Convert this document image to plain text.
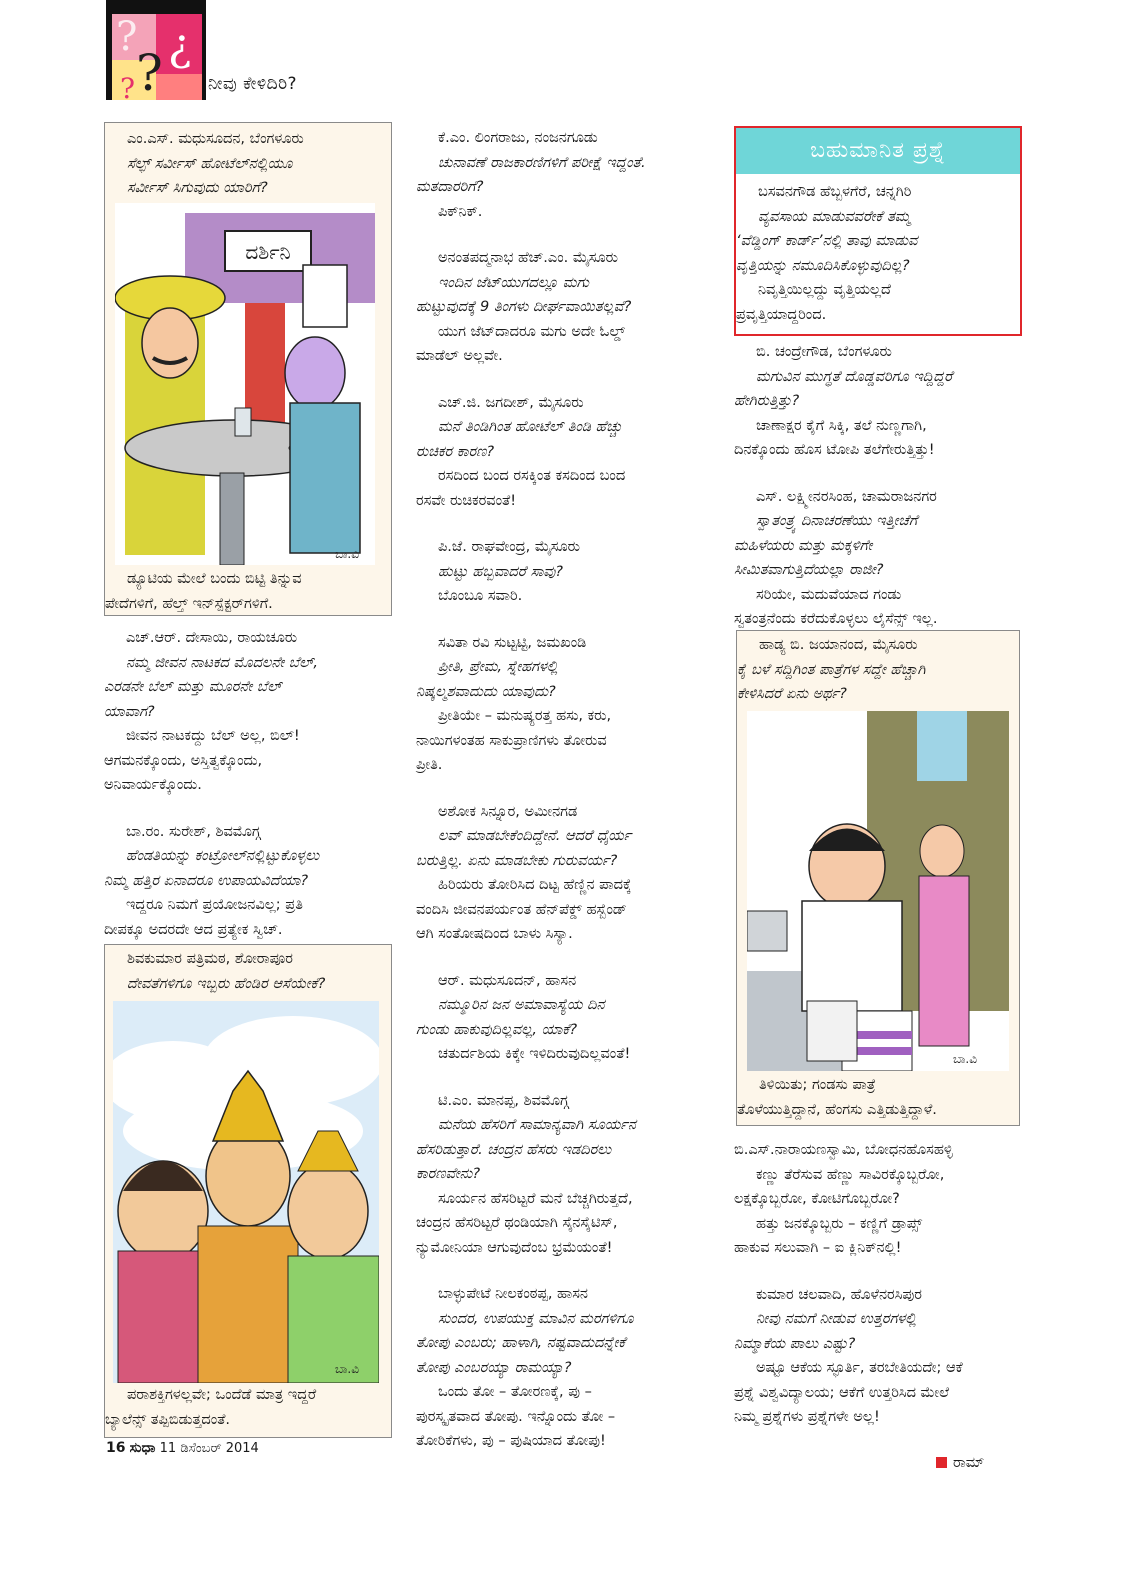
?
? ¿
?	ನೀವು ಕೇಳಿದಿರಿ?
ಎಂ.ಎಸ್. ಮಧುಸೂದನ, ಬೆಂಗಳೂರು
ಸೆಲ್ಫ್ ಸರ್ವೀಸ್ ಹೋಟೆಲ್‌ನಲ್ಲಿಯೂ
ಸರ್ವೀಸ್ ಸಿಗುವುದು ಯಾರಿಗೆ?
ದರ್ಶಿನಿ
ಬಾ.ವಿ
ಡ್ಯೂಟಿಯ ಮೇಲೆ ಬಂದು ಬಿಟ್ಟಿ ತಿನ್ನುವ
ಪೇದೆಗಳಿಗೆ, ಹೆಲ್ತ್ ಇನ್‌ಸ್ಪೆಕ್ಟರ್‌ಗಳಿಗೆ.
ಎಚ್.ಆರ್. ದೇಸಾಯಿ, ರಾಯಚೂರು
ನಮ್ಮ ಜೀವನ ನಾಟಕದ ಮೊದಲನೇ ಬೆಲ್,
ಎರಡನೇ ಬೆಲ್ ಮತ್ತು ಮೂರನೇ ಬೆಲ್
ಯಾವಾಗ?
ಜೀವನ ನಾಟಕದ್ದು ಬೆಲ್ ಅಲ್ಲ, ಬಿಲ್!
ಆಗಮನಕ್ಕೊಂದು, ಅಸ್ತಿತ್ವಕ್ಕೊಂದು,
ಅನಿವಾರ್ಯಕ್ಕೊಂದು.
ಬಾ.ರಂ. ಸುರೇಶ್, ಶಿವಮೊಗ್ಗ
ಹೆಂಡತಿಯನ್ನು ಕಂಟ್ರೋಲ್‌ನಲ್ಲಿಟ್ಟುಕೊಳ್ಳಲು
ನಿಮ್ಮ ಹತ್ತಿರ ಏನಾದರೂ ಉಪಾಯವಿದೆಯಾ?
ಇದ್ದರೂ ನಿಮಗೆ ಪ್ರಯೋಜನವಿಲ್ಲ; ಪ್ರತಿ
ದೀಪಕ್ಕೂ ಅದರದೇ ಆದ ಪ್ರತ್ಯೇಕ ಸ್ವಿಚ್.
ಶಿವಕುಮಾರ ಪತ್ರಿಮಠ, ಶೋರಾಪೂರ
ದೇವತೆಗಳಿಗೂ ಇಬ್ಬರು ಹೆಂಡಿರ ಆಸೆಯೇಕೆ?
ಬಾ.ವಿ
ಪರಾಶಕ್ತಿಗಳಲ್ಲವೇ; ಒಂದೆಡೆ ಮಾತ್ರ ಇದ್ದರೆ
ಬ್ಯಾಲೆನ್ಸ್ ತಪ್ಪಿಬಿಡುತ್ತದಂತೆ.
ಕೆ.ಎಂ. ಲಿಂಗರಾಜು, ನಂಜನಗೂಡು
ಚುನಾವಣೆ ರಾಜಕಾರಣಿಗಳಿಗೆ ಪರೀಕ್ಷೆ ಇದ್ದಂತೆ.
ಮತದಾರರಿಗೆ?
ಪಿಕ್‌ನಿಕ್.
ಅನಂತಪದ್ಮನಾಭ ಹೆಚ್.ಎಂ. ಮೈಸೂರು
ಇಂದಿನ ಜೆಟ್‌ಯುಗದಲ್ಲೂ ಮಗು
ಹುಟ್ಟುವುದಕ್ಕೆ 9 ತಿಂಗಳು ದೀರ್ಘವಾಯಿತಲ್ಲವೆ?
ಯುಗ ಜೆಟ್‌ದಾದರೂ ಮಗು ಅದೇ ಓಲ್ಡ್
ಮಾಡೆಲ್ ಅಲ್ಲವೇ.
ಎಚ್.ಜಿ. ಜಗದೀಶ್, ಮೈಸೂರು
ಮನೆ ತಿಂಡಿಗಿಂತ ಹೋಟೆಲ್ ತಿಂಡಿ ಹೆಚ್ಚು
ರುಚಿಕರ ಕಾರಣ?
ರಸದಿಂದ ಬಂದ ರಸಕ್ಕಿಂತ ಕಸದಿಂದ ಬಂದ
ರಸವೇ ರುಚಿಕರವಂತೆ!
ಪಿ.ಜೆ. ರಾಘವೇಂದ್ರ, ಮೈಸೂರು
ಹುಟ್ಟು ಹಬ್ಬವಾದರೆ ಸಾವು?
ಬೊಂಬೂ ಸವಾರಿ.
ಸವಿತಾ ರವಿ ಸುಟ್ಟಟ್ಟಿ, ಜಮಖಂಡಿ
ಪ್ರೀತಿ, ಪ್ರೇಮ, ಸ್ನೇಹಗಳಲ್ಲಿ
ನಿಷ್ಕಲ್ಮಶವಾದುದು ಯಾವುದು?
ಪ್ರೀತಿಯೇ – ಮನುಷ್ಯರತ್ತ ಹಸು, ಕರು,
ನಾಯಿಗಳಂತಹ ಸಾಕುಪ್ರಾಣಿಗಳು ತೋರುವ
ಪ್ರೀತಿ.
ಅಶೋಕ ಸಿನ್ನೂರ, ಅಮೀನಗಡ
ಲವ್ ಮಾಡಬೇಕೆಂದಿದ್ದೇನೆ. ಆದರೆ ಧೈರ್ಯ
ಬರುತ್ತಿಲ್ಲ. ಏನು ಮಾಡಬೇಕು ಗುರುವರ್ಯ?
ಹಿರಿಯರು ತೋರಿಸಿದ ದಿಟ್ಟ ಹೆಣ್ಣಿನ ಪಾದಕ್ಕೆ
ವಂದಿಸಿ ಜೀವನಪರ್ಯಂತ ಹೆನ್‌ಪೆಕ್ಡ್ ಹಸ್ಬೆಂಡ್
ಆಗಿ ಸಂತೋಷದಿಂದ ಬಾಳು ಸಿಸ್ಯಾ.
ಆರ್. ಮಧುಸೂದನ್, ಹಾಸನ
ನಮ್ಮೂರಿನ ಜನ ಅಮಾವಾಸ್ಯೆಯ ದಿನ
ಗುಂಡು ಹಾಕುವುದಿಲ್ಲವಲ್ಲ, ಯಾಕೆ?
ಚತುರ್ದಶಿಯ ಕಿಕ್ಕೇ ಇಳಿದಿರುವುದಿಲ್ಲವಂತೆ!
ಟಿ.ಎಂ. ಮಾನಪ್ಪ, ಶಿವಮೊಗ್ಗ
ಮನೆಯ ಹೆಸರಿಗೆ ಸಾಮಾನ್ಯವಾಗಿ ಸೂರ್ಯನ
ಹೆಸರಿಡುತ್ತಾರೆ. ಚಂದ್ರನ ಹೆಸರು ಇಡದಿರಲು
ಕಾರಣವೇನು?
ಸೂರ್ಯನ ಹೆಸರಿಟ್ಟರೆ ಮನೆ ಬೆಚ್ಚಗಿರುತ್ತದೆ,
ಚಂದ್ರನ ಹೆಸರಿಟ್ಟರೆ ಥಂಡಿಯಾಗಿ ಸೈನಸೈಟಿಸ್,
ನ್ಯುಮೋನಿಯಾ ಆಗುವುದೆಂಬ ಭ್ರಮೆಯಂತೆ!
ಬಾಳ್ಳುಪೇಟೆ ನೀಲಕಂಠಪ್ಪ, ಹಾಸನ
ಸುಂದರ, ಉಪಯುಕ್ತ ಮಾವಿನ ಮರಗಳಿಗೂ
ತೋಪು ಎಂಬರು; ಹಾಳಾಗಿ, ನಷ್ಟವಾದುದನ್ನೇಕೆ
ತೋಪು ಎಂಬರಯ್ಯಾ ರಾಮಯ್ಯಾ?
ಒಂದು ತೋ – ತೋರಣಕ್ಕೆ, ಪು –
ಪುರಸ್ಕೃತವಾದ ತೋಪು. ಇನ್ನೊಂದು ತೋ –
ತೋರಿಕೆಗಳು, ಪು – ಪುಷಿಯಾದ ತೋಪು!
ಬಹುಮಾನಿತ ಪ್ರಶ್ನೆ
ಬಸವನಗೌಡ ಹೆಬ್ಬಳಗೆರೆ, ಚನ್ನಗಿರಿ
ವ್ಯವಸಾಯ ಮಾಡುವವರೇಕೆ ತಮ್ಮ
‘ವೆಡ್ಡಿಂಗ್ ಕಾರ್ಡ್’ನಲ್ಲಿ ತಾವು ಮಾಡುವ
ವೃತ್ತಿಯನ್ನು ನಮೂದಿಸಿಕೊಳ್ಳುವುದಿಲ್ಲ?
ನಿವೃತ್ತಿಯಿಲ್ಲದ್ದು ವೃತ್ತಿಯಲ್ಲದೆ
ಪ್ರವೃತ್ತಿಯಾದ್ದರಿಂದ.
ಬಿ. ಚಂದ್ರೇಗೌಡ, ಬೆಂಗಳೂರು
ಮಗುವಿನ ಮುಗ್ಧತೆ ದೊಡ್ಡವರಿಗೂ ಇದ್ದಿದ್ದರೆ
ಹೇಗಿರುತ್ತಿತ್ತು?
ಚಾಣಾಕ್ಷರ ಕೈಗೆ ಸಿಕ್ಕಿ, ತಲೆ ನುಣ್ಣಗಾಗಿ,
ದಿನಕ್ಕೊಂದು ಹೊಸ ಟೋಪಿ ತಲೆಗೇರುತ್ತಿತ್ತು!
ಎಸ್. ಲಕ್ಷ್ಮೀನರಸಿಂಹ, ಚಾಮರಾಜನಗರ
ಸ್ವಾತಂತ್ರ್ಯ ದಿನಾಚರಣೆಯು ಇತ್ತೀಚೆಗೆ
ಮಹಿಳೆಯರು ಮತ್ತು ಮಕ್ಕಳಿಗೇ
ಸೀಮಿತವಾಗುತ್ತಿದೆಯಲ್ಲಾ ರಾಜೀ?
ಸರಿಯೇ, ಮದುವೆಯಾದ ಗಂಡು
ಸ್ವತಂತ್ರನೆಂದು ಕರೆದುಕೊಳ್ಳಲು ಲೈಸೆನ್ಸ್ ಇಲ್ಲ.
ಹಾಡ್ಯ ಬಿ. ಜಯಾನಂದ, ಮೈಸೂರು
ಕೈ ಬಳೆ ಸದ್ದಿಗಿಂತ ಪಾತ್ರೆಗಳ ಸದ್ದೇ ಹೆಚ್ಚಾಗಿ
ಕೇಳಿಸಿದರೆ ಏನು ಅರ್ಥ?
ಬಾ.ವಿ
ತಿಳಿಯಿತು; ಗಂಡಸು ಪಾತ್ರೆ
ತೊಳೆಯುತ್ತಿದ್ದಾನೆ, ಹೆಂಗಸು ಎತ್ತಿಡುತ್ತಿದ್ದಾಳೆ.
ಬಿ.ಎಸ್.ನಾರಾಯಣಸ್ವಾಮಿ, ಬೋಧನಹೊಸಹಳ್ಳಿ
ಕಣ್ಣು ತೆರೆಸುವ ಹೆಣ್ಣು ಸಾವಿರಕ್ಕೊಬ್ಬರೋ,
ಲಕ್ಷಕ್ಕೊಬ್ಬರೋ, ಕೋಟಿಗೊಬ್ಬರೋ?
ಹತ್ತು ಜನಕ್ಕೊಬ್ಬರು – ಕಣ್ಣಿಗೆ ಡ್ರಾಪ್ಸ್
ಹಾಕುವ ಸಲುವಾಗಿ – ಐ ಕ್ಲಿನಿಕ್‌ನಲ್ಲಿ!
ಕುಮಾರ ಚಲವಾದಿ, ಹೊಳೆನರಸಿಪುರ
ನೀವು ನಮಗೆ ನೀಡುವ ಉತ್ತರಗಳಲ್ಲಿ
ನಿಮ್ಮಾಕೆಯ ಪಾಲು ಎಷ್ಟು?
ಅಷ್ಟೂ ಆಕೆಯ ಸ್ಫೂರ್ತಿ, ತರಬೇತಿಯದೇ; ಆಕೆ
ಪ್ರಶ್ನೆ ವಿಶ್ವವಿದ್ಯಾಲಯ; ಆಕೆಗೆ ಉತ್ತರಿಸಿದ ಮೇಲೆ
ನಿಮ್ಮ ಪ್ರಶ್ನೆಗಳು ಪ್ರಶ್ನೆಗಳೇ ಅಲ್ಲ!
16 ಸುಧಾ 11 ಡಿಸೆಂಬರ್ 2014
ರಾಮ್
